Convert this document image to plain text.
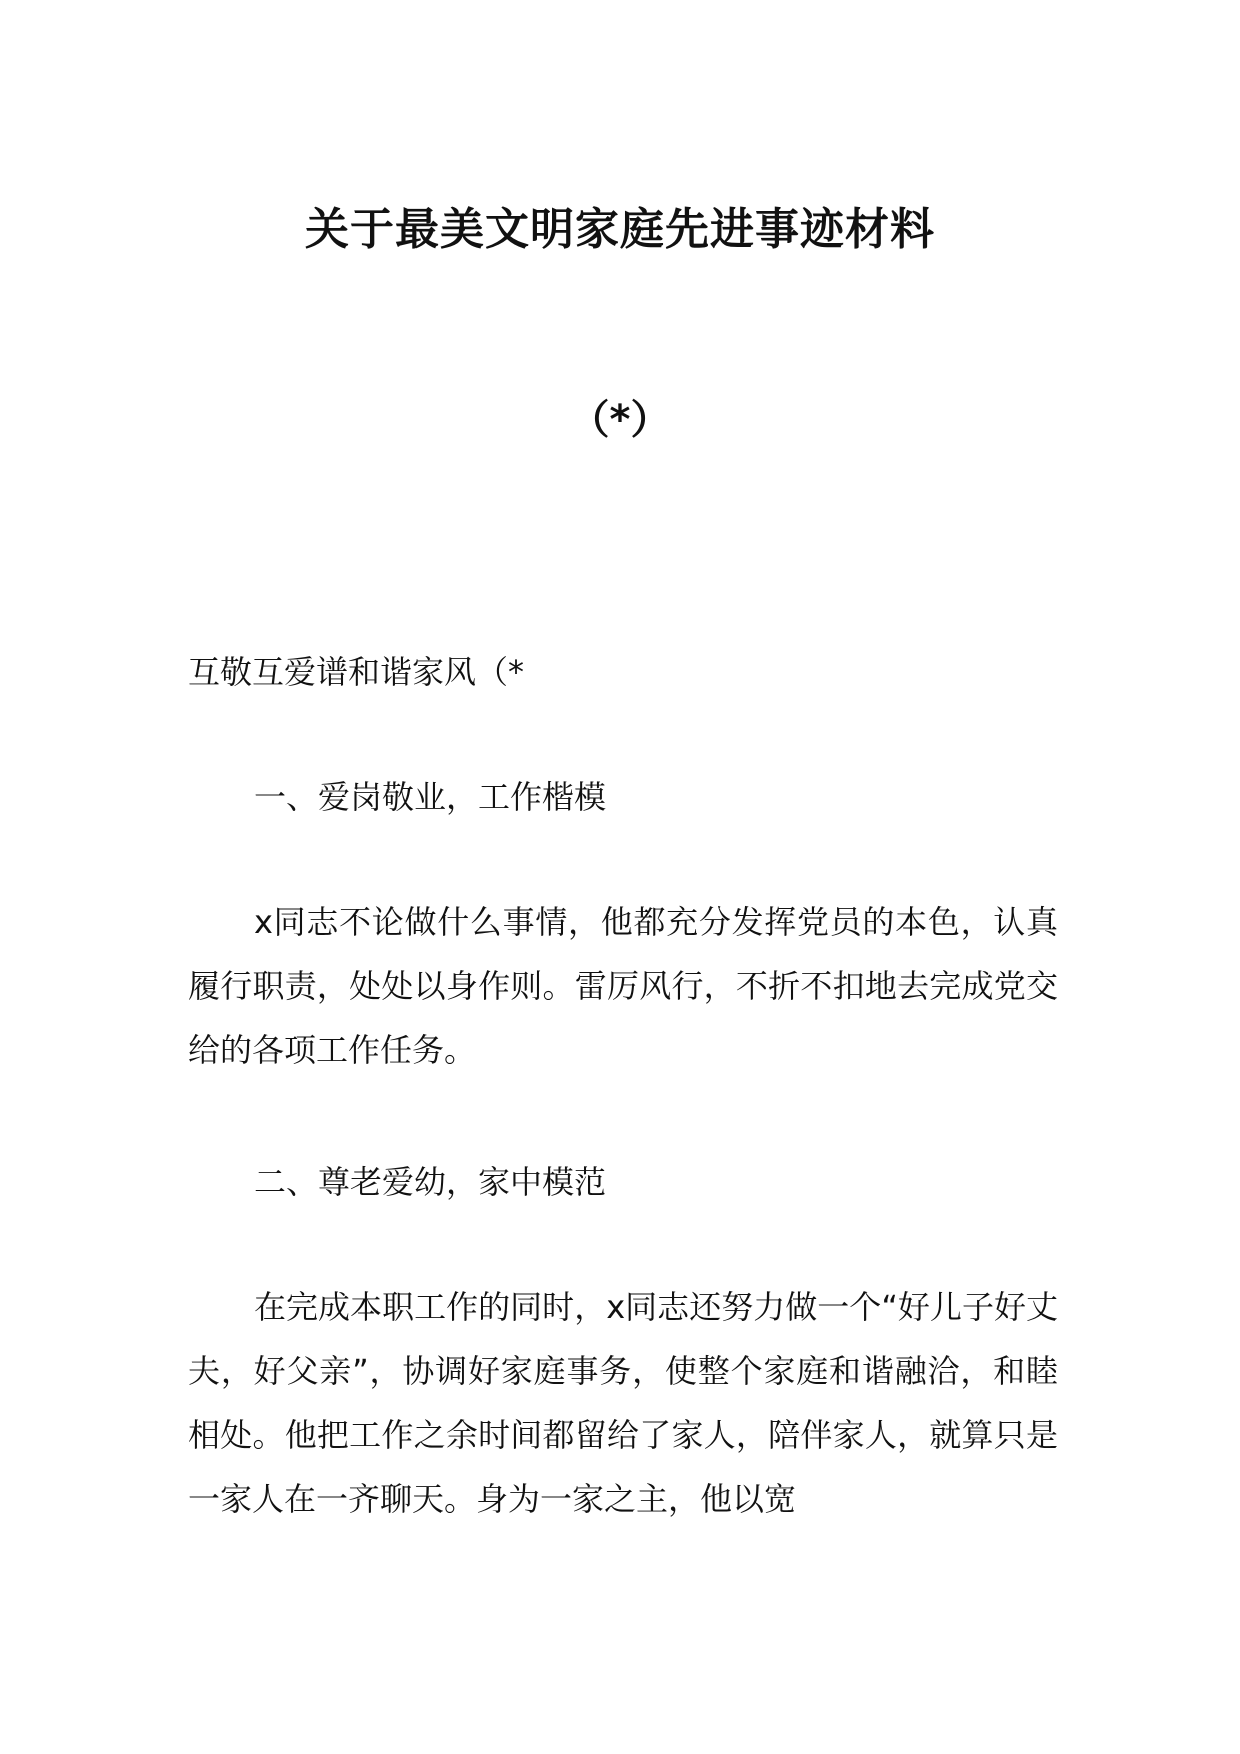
关于最美文明家庭先进事迹材料
（*）

互敬互爱谱和谐家风（*

一、爱岗敬业，工作楷模

x同志不论做什么事情，他都充分发挥党员的本色，认真履行职责，处处以身作则。雷厉风行，不折不扣地去完成党交给的各项工作任务。

二、尊老爱幼，家中模范

在完成本职工作的同时，x同志还努力做一个“好儿子好丈夫，好父亲”，协调好家庭事务，使整个家庭和谐融洽，和睦相处。他把工作之余时间都留给了家人，陪伴家人，就算只是一家人在一齐聊天。身为一家之主，他以宽
